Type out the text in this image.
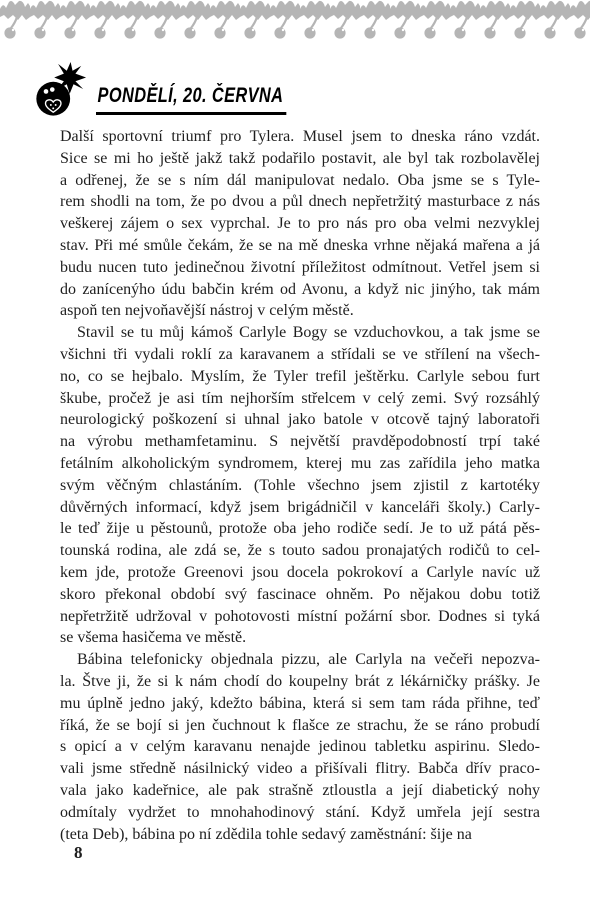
PONDĚLÍ, 20. ČERVNA
Další sportovní triumf pro Tylera. Musel jsem to dneska ráno vzdát.
Sice se mi ho ještě jakž takž podařilo postavit, ale byl tak rozbolavělej
a odřenej, že se s ním dál manipulovat nedalo. Oba jsme se s Tyle-
rem shodli na tom, že po dvou a půl dnech nepřetržitý masturbace z nás
veškerej zájem o sex vyprchal. Je to pro nás pro oba velmi nezvyklej
stav. Při mé smůle čekám, že se na mě dneska vrhne nějaká mařena a já
budu nucen tuto jedinečnou životní příležitost odmítnout. Vetřel jsem si
do zanícenýho údu babčin krém od Avonu, a když nic jinýho, tak mám
aspoň ten nejvoňavější nástroj v celým městě.
Stavil se tu můj kámoš Carlyle Bogy se vzduchovkou, a tak jsme se
všichni tři vydali roklí za karavanem a střídali se ve střílení na všech-
no, co se hejbalo. Myslím, že Tyler trefil ještěrku. Carlyle sebou furt
škube, pročež je asi tím nejhorším střelcem v celý zemi. Svý rozsáhlý
neurologický poškození si uhnal jako batole v otcově tajný laboratoři
na výrobu methamfetaminu. S největší pravděpodobností trpí také
fetálním alkoholickým syndromem, kterej mu zas zařídila jeho matka
svým věčným chlastáním. (Tohle všechno jsem zjistil z kartotéky
důvěrných informací, když jsem brigádničil v kanceláři školy.) Carly-
le teď žije u pěstounů, protože oba jeho rodiče sedí. Je to už pátá pěs-
tounská rodina, ale zdá se, že s touto sadou pronajatých rodičů to cel-
kem jde, protože Greenovi jsou docela pokrokoví a Carlyle navíc už
skoro překonal období svý fascinace ohněm. Po nějakou dobu totiž
nepřetržitě udržoval v pohotovosti místní požární sbor. Dodnes si tyká
se všema hasičema ve městě.
Bábina telefonicky objednala pizzu, ale Carlyla na večeři nepozva-
la. Štve ji, že si k nám chodí do koupelny brát z lékárničky prášky. Je
mu úplně jedno jaký, kdežto bábina, která si sem tam ráda přihne, teď
říká, že se bojí si jen čuchnout k flašce ze strachu, že se ráno probudí
s opicí a v celým karavanu nenajde jedinou tabletku aspirinu. Sledo-
vali jsme středně násilnický video a přišívali flitry. Babča dřív praco-
vala jako kadeřnice, ale pak strašně ztloustla a její diabetický nohy
odmítaly vydržet to mnohahodinový stání. Když umřela její sestra
(teta Deb), bábina po ní zdědila tohle sedavý zaměstnání: šije na
8
